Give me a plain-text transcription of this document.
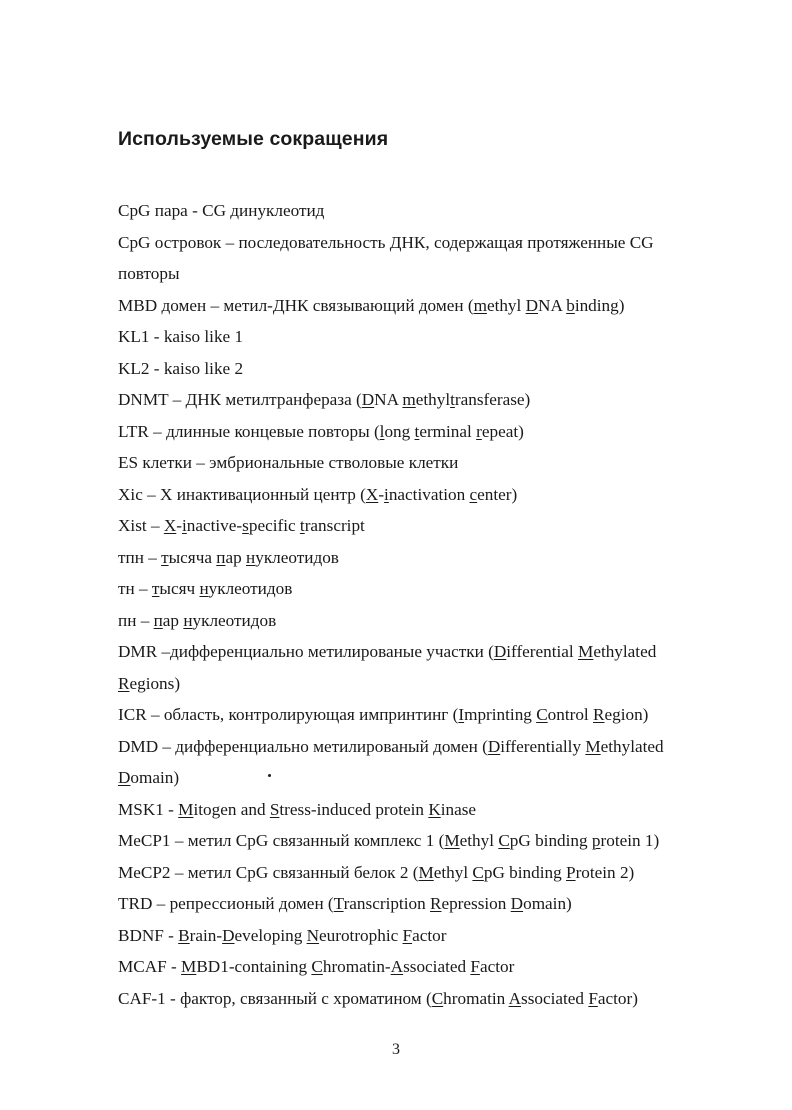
Используемые сокращения
CpG пара - CG динуклеотид
CpG островок – последовательность ДНК, содержащая протяженные CG
повторы
MBD домен – метил-ДНК связывающий домен (methyl DNA binding)
KL1 - kaiso like 1
KL2 - kaiso like 2
DNMT – ДНК метилтранфераза (DNA methyltransferase)
LTR – длинные концевые повторы (long terminal repeat)
ES клетки – эмбриональные стволовые клетки
Xic – X инактивационный центр (X-inactivation center)
Xist – X-inactive-specific transcript
тпн – тысяча пар нуклеотидов
тн – тысяч нуклеотидов
пн – пар нуклеотидов
DMR –дифференциально метилированые участки (Differential Methylated
Regions)
ICR – область, контролирующая импринтинг (Imprinting Control Region)
DMD – дифференциально метилированый домен (Differentially Methylated
Domain)
MSK1 - Mitogen and Stress-induced protein Kinase
MeCP1 – метил CpG связанный комплекс 1 (Methyl CpG binding protein 1)
MeCP2 – метил CpG связанный белок 2 (Methyl CpG binding Protein 2)
TRD – репрессионый домен (Transcription Repression Domain)
BDNF - Brain-Developing Neurotrophic Factor
MCAF - MBD1-containing Chromatin-Associated Factor
CAF-1 - фактор, связанный с хроматином (Chromatin Associated Factor)
3
